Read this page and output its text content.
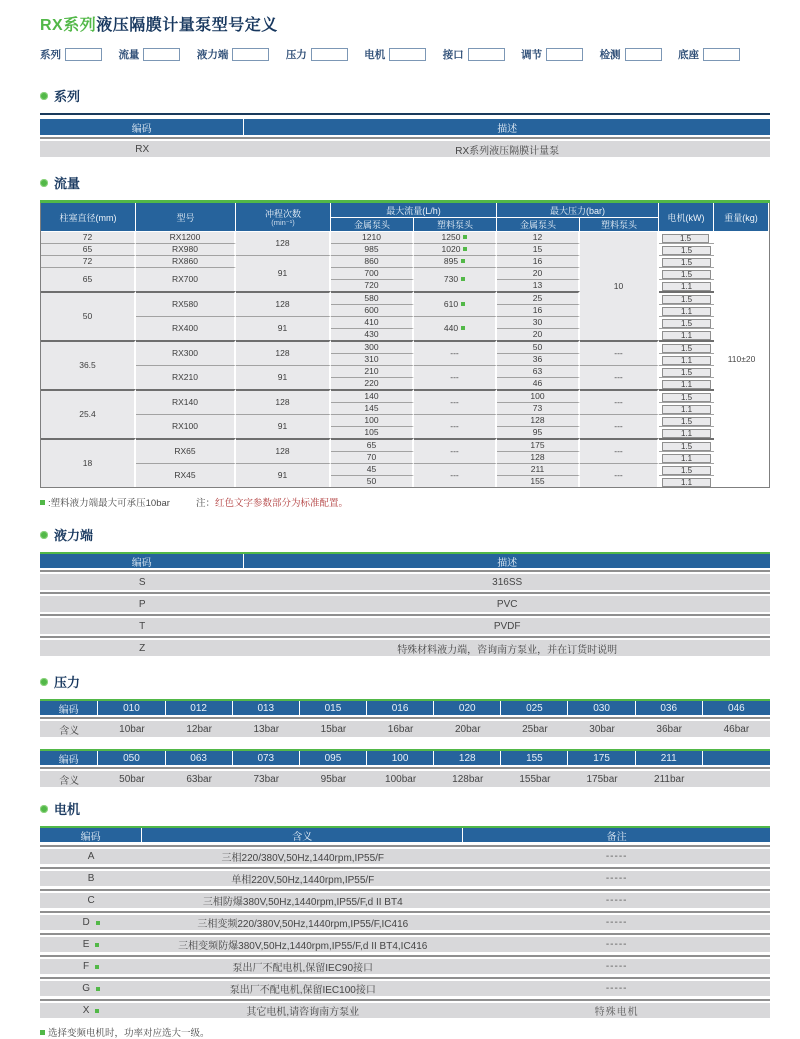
RX系列液压隔膜计量泵型号定义
系列	流量	液力端	压力	电机	接口	调节	检测	底座
系列
编码	描述
RX	RX系列液压隔膜计量泵
流量
柱塞直径(mm)	型号	冲程次数
(min⁻¹)	最大流量(L/h)		最大压力(bar)		电机(kW)	重量(kg)
			金属泵头	塑料泵头	金属泵头	塑料泵头		
72	RX1200	128	1210	1250	12	10	1.5	110±20
65	RX980		985	1020	15		1.5	

72	RX860	91	860	895	16		1.5	

65	RX700		700	730	20		1.5	

			720		13		1.1	

50	RX580	128	580	610	25		1.5	

			600		16		1.1	

	RX400	91	410	440	30		1.5	

			430		20		1.1	

36.5	RX300	128	300	---	50	---	1.5	

			310		36		1.1	

	RX210	91	210	---	63	---	1.5	

			220		46		1.1	

25.4	RX140	128	140	---	100	---	1.5	

			145		73		1.1	

	RX100	91	100	---	128	---	1.5	

			105		95		1.1	

18	RX65	128	65	---	175	---	1.5	

			70		128		1.1	

	RX45	91	45	---	211	---	1.5	

			50		155		1.1	
:塑料液力端最大可承压10bar	注： 红色文字参数部分为标准配置。
液力端
编码	描述
S	316SS
P	PVC
T	PVDF
Z	特殊材料液力端，咨询南方泵业，并在订货时说明
压力
编码	010	012	013	015	016	020	025	030	036	046
含义	10bar	12bar	13bar	15bar	16bar	20bar	25bar	30bar	36bar	46bar
编码	050	063	073	095	100	128	155	175	211
含义	50bar	63bar	73bar	95bar	100bar	128bar	155bar	175bar	211bar
电机
编码	含义	备注
A	三相220/380V,50Hz,1440rpm,IP55/F	-----
B	单相220V,50Hz,1440rpm,IP55/F	-----
C	三相防爆380V,50Hz,1440rpm,IP55/F,d II BT4	-----
D	三相变频220/380V,50Hz,1440rpm,IP55/F,IC416	-----
E	三相变频防爆380V,50Hz,1440rpm,IP55/F,d II BT4,IC416	-----
F	泵出厂不配电机,保留IEC90接口	-----
G	泵出厂不配电机,保留IEC100接口	-----
X	其它电机,请咨询南方泵业	特殊电机
选择变频电机时，功率对应选大一级。
